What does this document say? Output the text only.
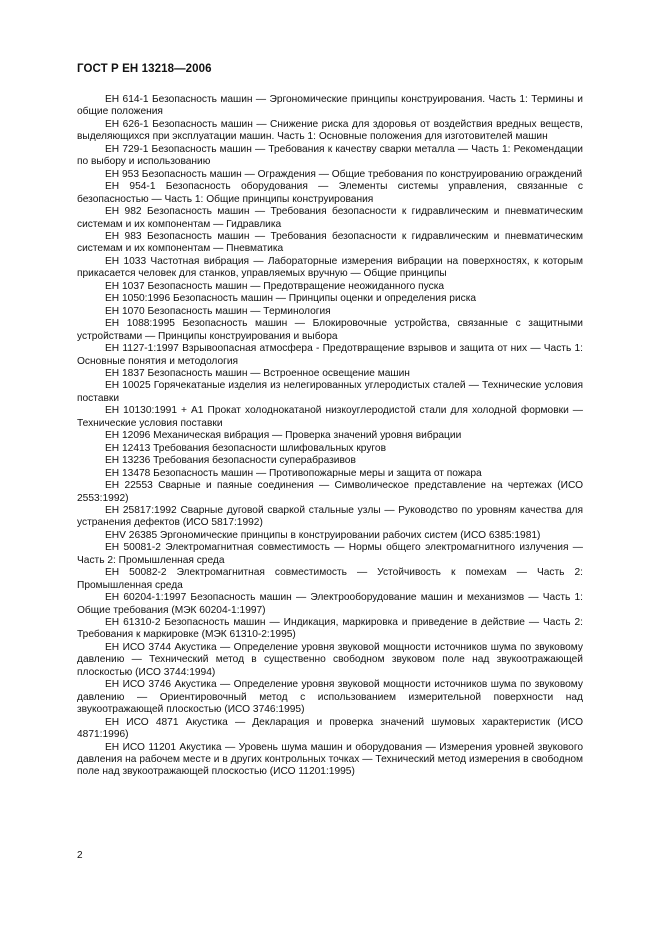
ГОСТ Р ЕН 13218—2006

ЕН 614-1 Безопасность машин — Эргономические принципы конструирования. Часть 1: Термины и общие положения

ЕН 626-1 Безопасность машин — Снижение риска для здоровья от воздействия вредных веществ, выделяющихся при эксплуатации машин. Часть 1: Основные положения для изготовителей машин

ЕН 729-1 Безопасность машин — Требования к качеству сварки металла — Часть 1: Рекомендации по выбору и использованию

ЕН 953 Безопасность машин — Ограждения — Общие требования по конструированию ограждений

ЕН 954-1 Безопасность оборудования — Элементы системы управления, связанные с безопасностью — Часть 1: Общие принципы конструирования

ЕН 982 Безопасность машин — Требования безопасности к гидравлическим и пневматическим системам и их компонентам — Гидравлика

ЕН 983 Безопасность машин — Требования безопасности к гидравлическим и пневматическим системам и их компонентам — Пневматика

ЕН 1033 Частотная вибрация — Лабораторные измерения вибрации на поверхностях, к которым прикасается человек для станков, управляемых вручную — Общие принципы

ЕН 1037 Безопасность машин — Предотвращение неожиданного пуска

ЕН 1050:1996 Безопасность машин — Принципы оценки и определения риска

ЕН 1070 Безопасность машин — Терминология

ЕН 1088:1995 Безопасность машин — Блокировочные устройства, связанные с защитными устройствами — Принципы конструирования и выбора

ЕН 1127-1:1997 Взрывоопасная атмосфера - Предотвращение взрывов и защита от них — Часть 1: Основные понятия и методология

ЕН 1837 Безопасность машин — Встроенное освещение машин

ЕН 10025 Горячекатаные изделия из нелегированных углеродистых сталей — Технические условия поставки

ЕН 10130:1991 + А1 Прокат холоднокатаной низкоуглеродистой стали для холодной формовки — Технические условия поставки

ЕН 12096 Механическая вибрация — Проверка значений уровня вибрации

ЕН 12413 Требования безопасности шлифовальных кругов

ЕН 13236 Требования безопасности суперабразивов

ЕН 13478 Безопасность машин — Противопожарные меры и защита от пожара

ЕН 22553 Сварные и паяные соединения — Символическое представление на чертежах (ИСО 2553:1992)

ЕН 25817:1992 Сварные дуговой сваркой стальные узлы — Руководство по уровням качества для устранения дефектов (ИСО 5817:1992)

ЕНV 26385 Эргономические принципы в конструировании рабочих систем (ИСО 6385:1981)

ЕН 50081-2 Электромагнитная совместимость — Нормы общего электромагнитного излучения — Часть 2: Промышленная среда

ЕН 50082-2 Электромагнитная совместимость — Устойчивость к помехам — Часть 2: Промышленная среда

ЕН 60204-1:1997 Безопасность машин — Электрооборудование машин и механизмов — Часть 1: Общие требования (МЭК 60204-1:1997)

ЕН 61310-2 Безопасность машин — Индикация, маркировка и приведение в действие — Часть 2: Требования к маркировке (МЭК 61310-2:1995)

ЕН ИСО 3744 Акустика — Определение уровня звуковой мощности источников шума по звуковому давлению — Технический метод в существенно свободном звуковом поле над звукоотражающей плоскостью (ИСО 3744:1994)

ЕН ИСО 3746 Акустика — Определение уровня звуковой мощности источников шума по звуковому давлению — Ориентировочный метод с использованием измерительной поверхности над звукоотражающей плоскостью (ИСО 3746:1995)

ЕН ИСО 4871 Акустика — Декларация и проверка значений шумовых характеристик (ИСО 4871:1996)

ЕН ИСО 11201 Акустика — Уровень шума машин и оборудования — Измерения уровней звукового давления на рабочем месте и в других контрольных точках — Технический метод измерения в свободном поле над звукоотражающей плоскостью (ИСО 11201:1995)

2
